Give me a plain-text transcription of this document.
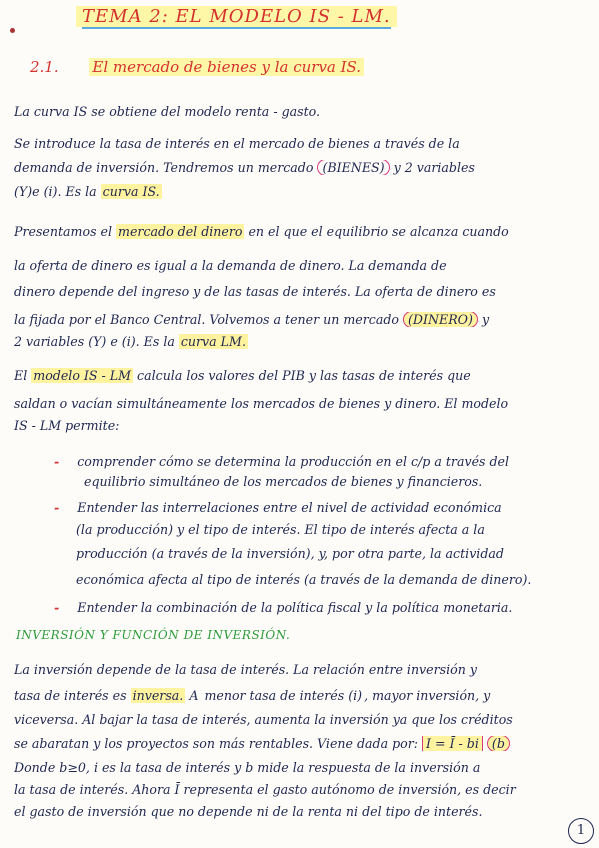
TEMA 2: EL MODELO IS - LM.
2.1. El mercado de bienes y la curva IS.
La curva IS se obtiene del modelo renta - gasto.
Se introduce la tasa de interés en el mercado de bienes a través de la
demanda de inversión. Tendremos un mercado (BIENES) y 2 variables
(Y)e (i). Es la curva IS.
Presentamos el mercado del dinero en el que el equilibrio se alcanza cuando
la oferta de dinero es igual a la demanda de dinero. La demanda de
dinero depende del ingreso y de las tasas de interés. La oferta de dinero es
la fijada por el Banco Central. Volvemos a tener un mercado (DINERO) y
2 variables (Y) e (i). Es la curva LM.
El modelo IS - LM calcula los valores del PIB y las tasas de interés que
saldan o vacían simultáneamente los mercados de bienes y dinero. El modelo
IS - LM permite:
- comprender cómo se determina la producción en el c/p a través del
equilibrio simultáneo de los mercados de bienes y financieros.
- Entender las interrelaciones entre el nivel de actividad económica
(la producción) y el tipo de interés. El tipo de interés afecta a la
producción (a través de la inversión), y, por otra parte, la actividad
económica afecta al tipo de interés (a través de la demanda de dinero).
- Entender la combinación de la política fiscal y la política monetaria.
INVERSIÓN Y FUNCIÓN DE INVERSIÓN.
La inversión depende de la tasa de interés. La relación entre inversión y
tasa de interés es inversa. A menor tasa de interés (i) , mayor inversión, y
viceversa. Al bajar la tasa de interés, aumenta la inversión ya que los créditos
se abaratan y los proyectos son más rentables. Viene dada por: I = Ī - bi (b
Donde b≥0, i es la tasa de interés y b mide la respuesta de la inversión a
la tasa de interés. Ahora Ī representa el gasto autónomo de inversión, es decir
el gasto de inversión que no depende ni de la renta ni del tipo de interés.
1
